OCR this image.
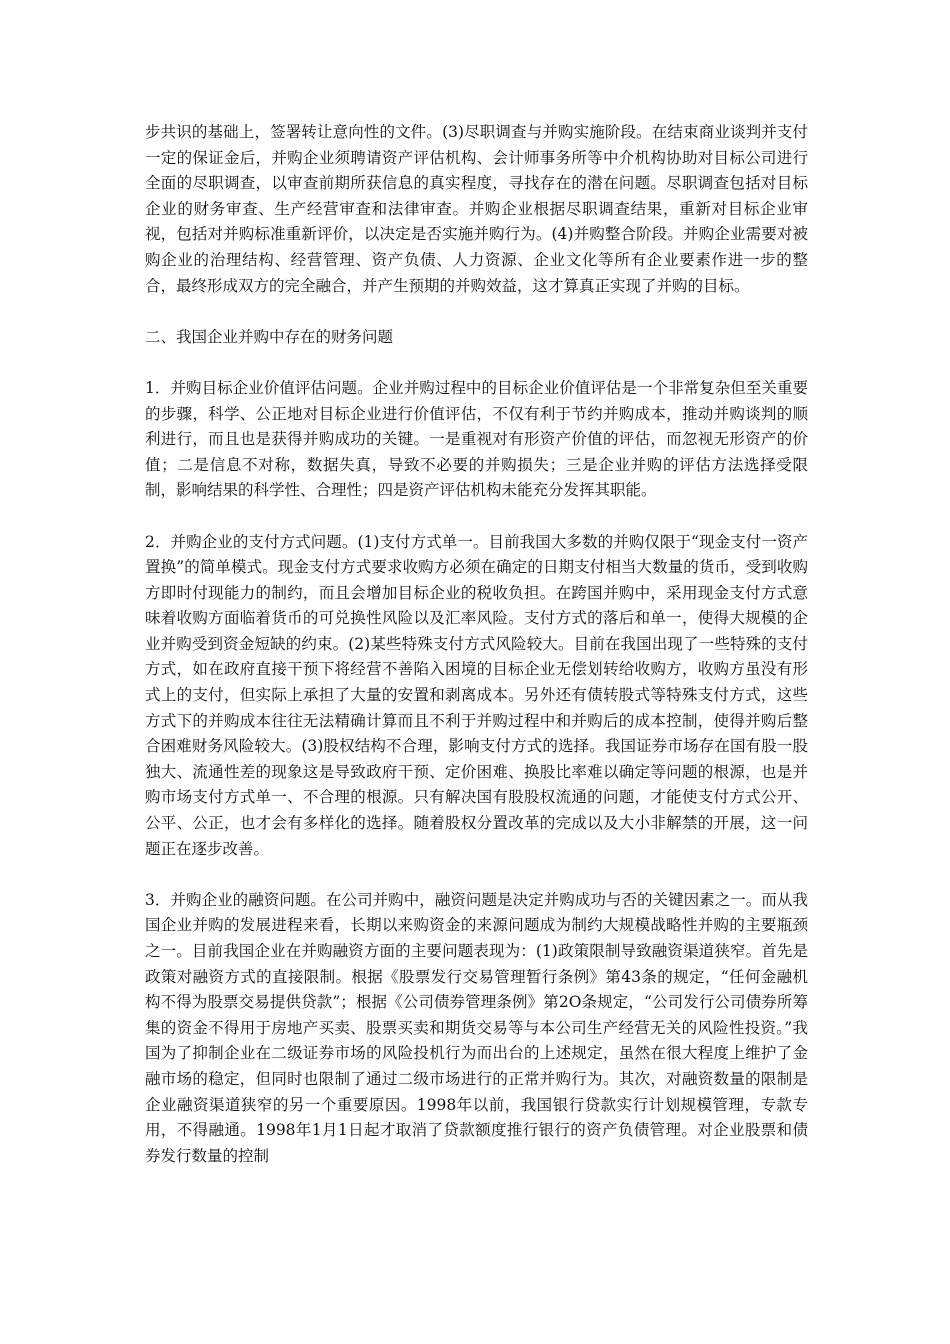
步共识的基础上，签署转让意向性的文件。(3)尽职调查与并购实施阶段。在结束商业谈判并支付一定的保证金后，并购企业须聘请资产评估机构、会计师事务所等中介机构协助对目标公司进行全面的尽职调查，以审查前期所获信息的真实程度，寻找存在的潜在问题。尽职调查包括对目标企业的财务审查、生产经营审查和法律审查。并购企业根据尽职调查结果，重新对目标企业审视，包括对并购标准重新评价，以决定是否实施并购行为。(4)并购整合阶段。并购企业需要对被购企业的治理结构、经营管理、资产负债、人力资源、企业文化等所有企业要素作进一步的整合，最终形成双方的完全融合，并产生预期的并购效益，这才算真正实现了并购的目标。

二、我国企业并购中存在的财务问题

1．并购目标企业价值评估问题。企业并购过程中的目标企业价值评估是一个非常复杂但至关重要的步骤，科学、公正地对目标企业进行价值评估，不仅有利于节约并购成本，推动并购谈判的顺利进行，而且也是获得并购成功的关键。一是重视对有形资产价值的评估，而忽视无形资产的价值；二是信息不对称，数据失真，导致不必要的并购损失；三是企业并购的评估方法选择受限制，影响结果的科学性、合理性；四是资产评估机构未能充分发挥其职能。

2．并购企业的支付方式问题。(1)支付方式单一。目前我国大多数的并购仅限于“现金支付一资产置换”的简单模式。现金支付方式要求收购方必须在确定的日期支付相当大数量的货币，受到收购方即时付现能力的制约，而且会增加目标企业的税收负担。在跨国并购中，采用现金支付方式意味着收购方面临着货币的可兑换性风险以及汇率风险。支付方式的落后和单一，使得大规模的企业并购受到资金短缺的约束。(2)某些特殊支付方式风险较大。目前在我国出现了一些特殊的支付方式，如在政府直接干预下将经营不善陷入困境的目标企业无偿划转给收购方，收购方虽没有形式上的支付，但实际上承担了大量的安置和剥离成本。另外还有债转股式等特殊支付方式，这些方式下的并购成本往往无法精确计算而且不利于并购过程中和并购后的成本控制，使得并购后整合困难财务风险较大。(3)股权结构不合理，影响支付方式的选择。我国证券市场存在国有股一股独大、流通性差的现象这是导致政府干预、定价困难、换股比率难以确定等问题的根源，也是并购市场支付方式单一、不合理的根源。只有解决国有股股权流通的问题，才能使支付方式公开、公平、公正，也才会有多样化的选择。随着股权分置改革的完成以及大小非解禁的开展，这一问题正在逐步改善。

3．并购企业的融资问题。在公司并购中，融资问题是决定并购成功与否的关键因素之一。而从我国企业并购的发展进程来看，长期以来购资金的来源问题成为制约大规模战略性并购的主要瓶颈之一。目前我国企业在并购融资方面的主要问题表现为：(1)政策限制导致融资渠道狭窄。首先是政策对融资方式的直接限制。根据《股票发行交易管理暂行条例》第43条的规定，“任何金融机构不得为股票交易提供贷款”；根据《公司债券管理条例》第2O条规定，“公司发行公司债券所筹集的资金不得用于房地产买卖、股票买卖和期货交易等与本公司生产经营无关的风险性投资。”我国为了抑制企业在二级证券市场的风险投机行为而出台的上述规定，虽然在很大程度上维护了金融市场的稳定，但同时也限制了通过二级市场进行的正常并购行为。其次，对融资数量的限制是企业融资渠道狭窄的另一个重要原因。1998年以前，我国银行贷款实行计划规模管理，专款专用，不得融通。1998年1月1日起才取消了贷款额度推行银行的资产负债管理。对企业股票和债券发行数量的控制
